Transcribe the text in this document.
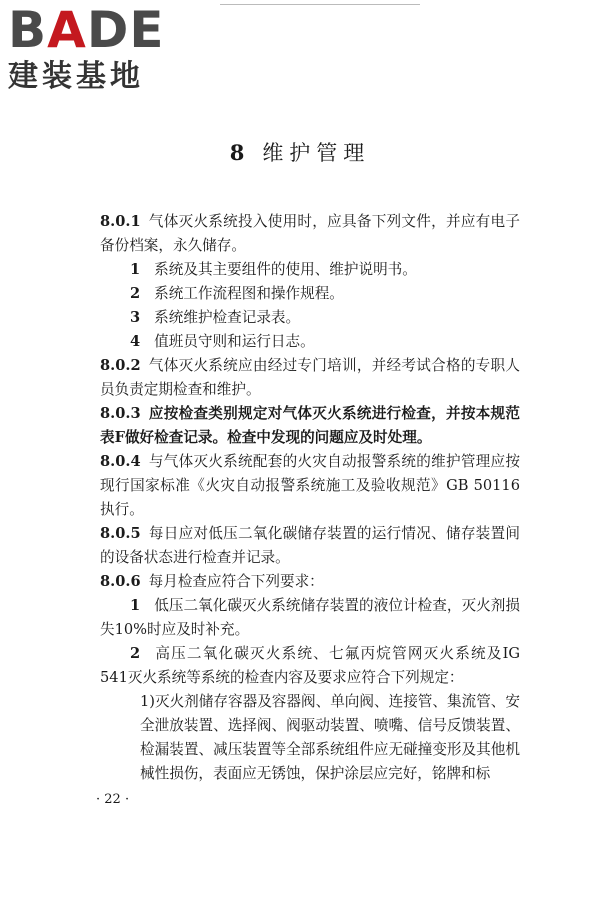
BADE
建装基地
8 维护管理
8.0.1 气体灭火系统投入使用时，应具备下列文件，并应有电子备份档案，永久储存。
1 系统及其主要组件的使用、维护说明书。
2 系统工作流程图和操作规程。
3 系统维护检查记录表。
4 值班员守则和运行日志。
8.0.2 气体灭火系统应由经过专门培训，并经考试合格的专职人员负责定期检查和维护。
8.0.3 应按检查类别规定对气体灭火系统进行检查，并按本规范表F做好检查记录。检查中发现的问题应及时处理。
8.0.4 与气体灭火系统配套的火灾自动报警系统的维护管理应按现行国家标准《火灾自动报警系统施工及验收规范》GB 50116执行。
8.0.5 每日应对低压二氧化碳储存装置的运行情况、储存装置间的设备状态进行检查并记录。
8.0.6 每月检查应符合下列要求：
1 低压二氧化碳灭火系统储存装置的液位计检查，灭火剂损失10%时应及时补充。
2 高压二氧化碳灭火系统、七氟丙烷管网灭火系统及IG 541灭火系统等系统的检查内容及要求应符合下列规定：
1)灭火剂储存容器及容器阀、单向阀、连接管、集流管、安全泄放装置、选择阀、阀驱动装置、喷嘴、信号反馈装置、检漏装置、减压装置等全部系统组件应无碰撞变形及其他机械性损伤，表面应无锈蚀，保护涂层应完好，铭牌和标
· 22 ·
